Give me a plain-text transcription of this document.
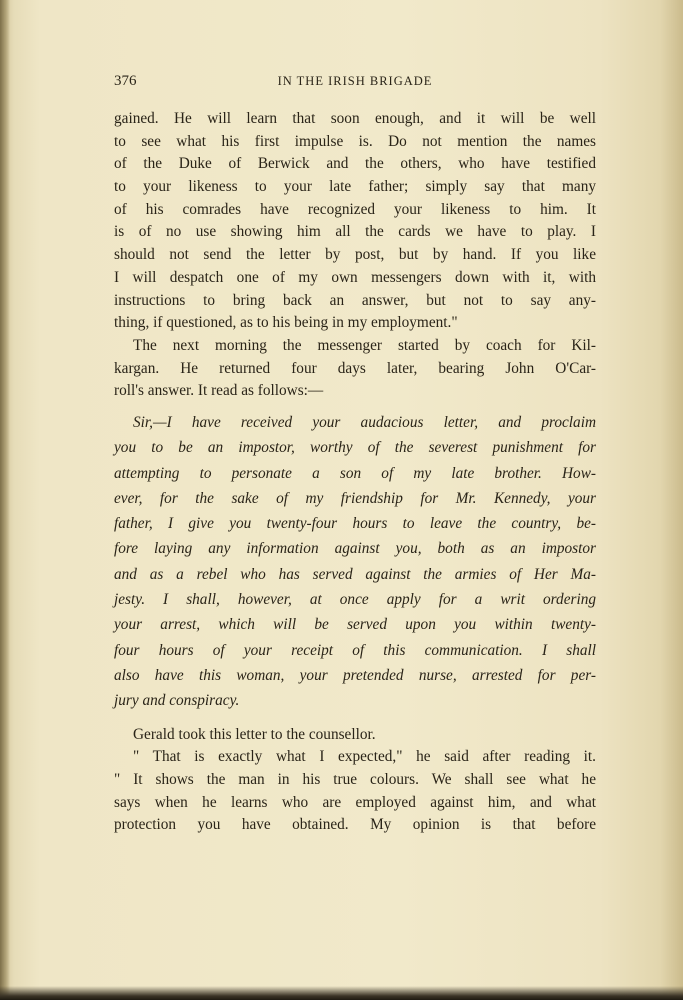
376	IN THE IRISH BRIGADE
gained. He will learn that soon enough, and it will be well
to see what his first impulse is. Do not mention the names
of the Duke of Berwick and the others, who have testified
to your likeness to your late father; simply say that many
of his comrades have recognized your likeness to him. It
is of no use showing him all the cards we have to play. I
should not send the letter by post, but by hand. If you like
I will despatch one of my own messengers down with it, with
instructions to bring back an answer, but not to say any-
thing, if questioned, as to his being in my employment."
The next morning the messenger started by coach for Kil-
kargan. He returned four days later, bearing John O'Car-
roll's answer. It read as follows:—
Sir,—I have received your audacious letter, and proclaim
you to be an impostor, worthy of the severest punishment for
attempting to personate a son of my late brother. How-
ever, for the sake of my friendship for Mr. Kennedy, your
father, I give you twenty-four hours to leave the country, be-
fore laying any information against you, both as an impostor
and as a rebel who has served against the armies of Her Ma-
jesty. I shall, however, at once apply for a writ ordering
your arrest, which will be served upon you within twenty-
four hours of your receipt of this communication. I shall
also have this woman, your pretended nurse, arrested for per-
jury and conspiracy.
Gerald took this letter to the counsellor.
" That is exactly what I expected," he said after reading it.
" It shows the man in his true colours. We shall see what he
says when he learns who are employed against him, and what
protection you have obtained. My opinion is that before
